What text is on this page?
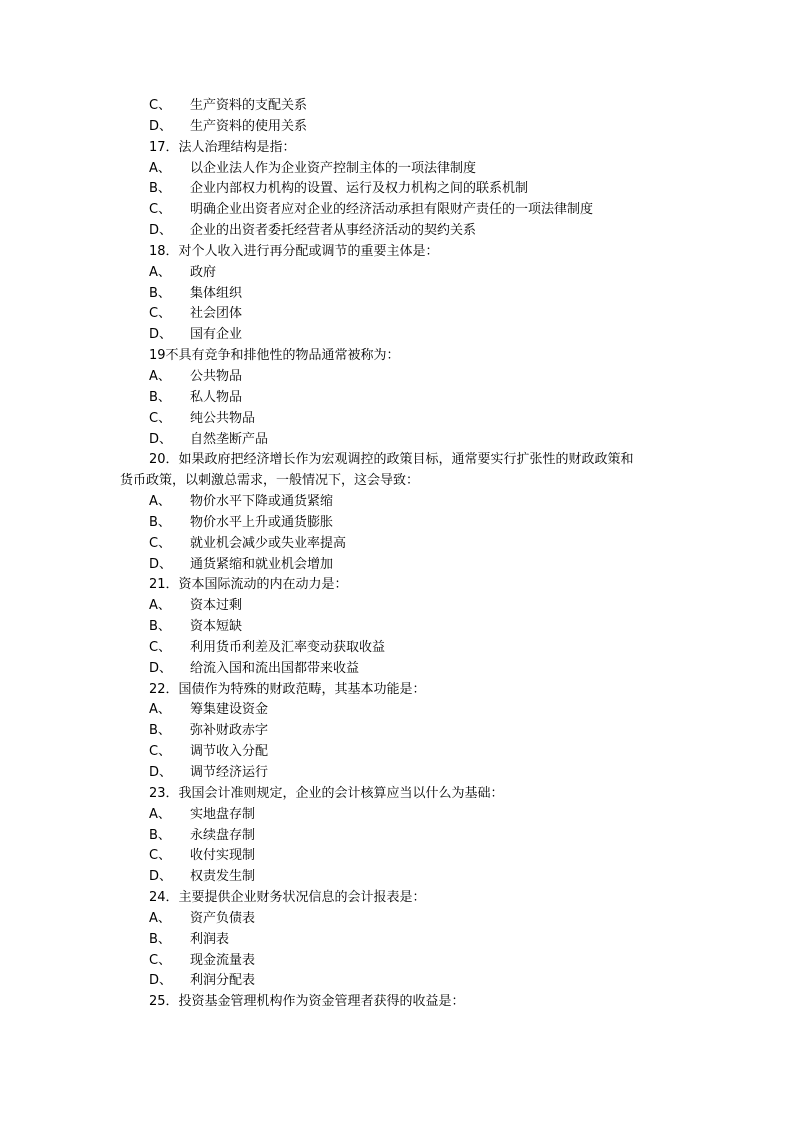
C、 生产资料的支配关系
D、 生产资料的使用关系
17．法人治理结构是指：
A、 以企业法人作为企业资产控制主体的一项法律制度
B、 企业内部权力机构的设置、运行及权力机构之间的联系机制
C、 明确企业出资者应对企业的经济活动承担有限财产责任的一项法律制度
D、 企业的出资者委托经营者从事经济活动的契约关系
18．对个人收入进行再分配或调节的重要主体是：
A、 政府
B、 集体组织
C、 社会团体
D、 国有企业
19不具有竞争和排他性的物品通常被称为：
A、 公共物品
B、 私人物品
C、 纯公共物品
D、 自然垄断产品
20．如果政府把经济增长作为宏观调控的政策目标，通常要实行扩张性的财政政策和
货币政策，以刺激总需求，一般情况下，这会导致：
A、 物价水平下降或通货紧缩
B、 物价水平上升或通货膨胀
C、 就业机会减少或失业率提高
D、 通货紧缩和就业机会增加
21．资本国际流动的内在动力是：
A、 资本过剩
B、 资本短缺
C、 利用货币利差及汇率变动获取收益
D、 给流入国和流出国都带来收益
22．国债作为特殊的财政范畴，其基本功能是：
A、 筹集建设资金
B、 弥补财政赤字
C、 调节收入分配
D、 调节经济运行
23．我国会计准则规定，企业的会计核算应当以什么为基础：
A、 实地盘存制
B、 永续盘存制
C、 收付实现制
D、 权责发生制
24．主要提供企业财务状况信息的会计报表是：
A、 资产负债表
B、 利润表
C、 现金流量表
D、 利润分配表
25．投资基金管理机构作为资金管理者获得的收益是：
